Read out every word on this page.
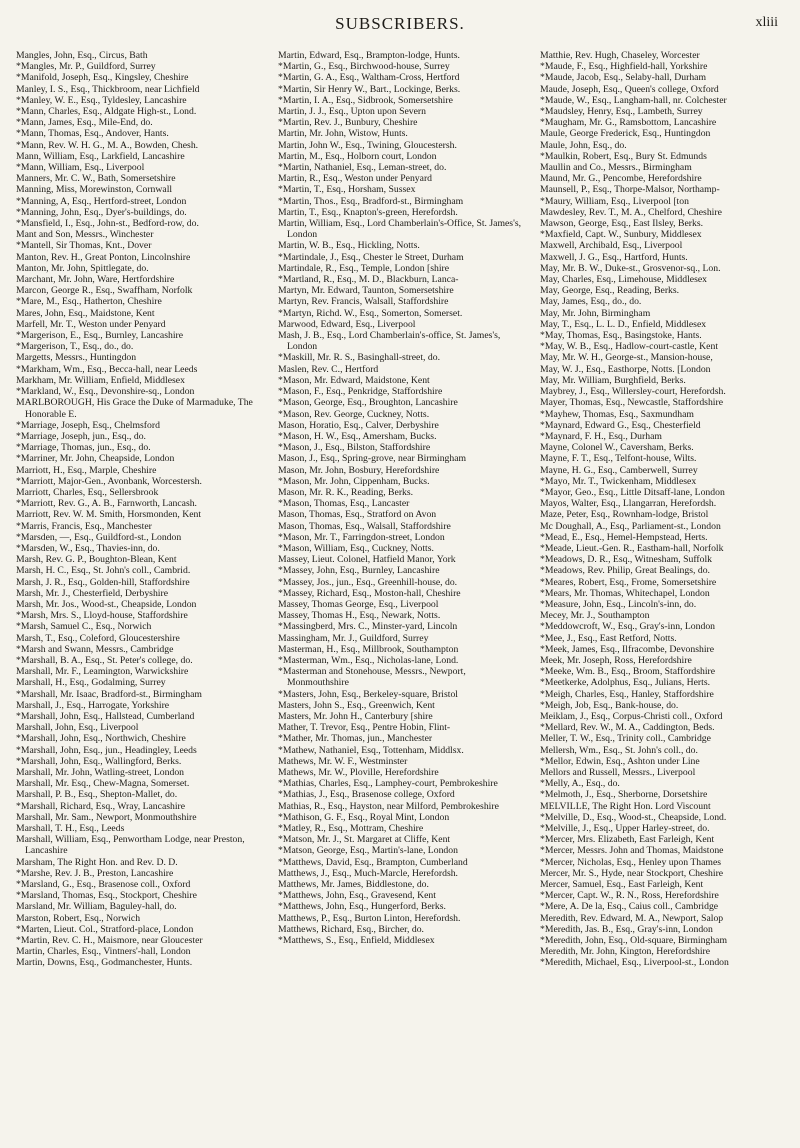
SUBSCRIBERS.	xliii
Mangles, John, Esq., Circus, Bath
*Mangles, Mr. P., Guildford, Surrey
*Manifold, Joseph, Esq., Kingsley, Cheshire
Manley, I. S., Esq., Thickbroom, near Lichfield
*Manley, W. E., Esq., Tyldesley, Lancashire
*Mann, Charles, Esq., Aldgate High-st., Lond.
*Mann, James, Esq., Mile-End, do.
*Mann, Thomas, Esq., Andover, Hants.
*Mann, Rev. W. H. G., M. A., Bowden, Chesh.
Mann, William, Esq., Larkfield, Lancashire
*Mann, William, Esq., Liverpool
Manners, Mr. C. W., Bath, Somersetshire
Manning, Miss, Morewinston, Cornwall
*Manning, A, Esq., Hertford-street, London
*Manning, John, Esq., Dyer's-buildings, do.
*Mansfield, I., Esq., John-st., Bedford-row, do.
Mant and Son, Messrs., Winchester
*Mantell, Sir Thomas, Knt., Dover
Manton, Rev. H., Great Ponton, Lincolnshire
Manton, Mr. John, Spittlegate, do.
Marchant, Mr. John, Ware, Hertfordshire
Marcon, George R., Esq., Swaffham, Norfolk
*Mare, M., Esq., Hatherton, Cheshire
Mares, John, Esq., Maidstone, Kent
Marfell, Mr. T., Weston under Penyard
*Margerison, E., Esq., Burnley, Lancashire
*Margerison, T., Esq., do., do.
Margetts, Messrs., Huntingdon
*Markham, Wm., Esq., Becca-hall, near Leeds
Markham, Mr. William, Enfield, Middlesex
*Markland, W., Esq., Devonshire-sq., London
MARLBOROUGH, His Grace the Duke of Marmaduke, The Honorable E.
*Marriage, Joseph, Esq., Chelmsford
*Marriage, Joseph, jun., Esq., do.
*Marriage, Thomas, jun., Esq., do.
*Marriner, Mr. John, Cheapside, London
Marriott, H., Esq., Marple, Cheshire
*Marriott, Major-Gen., Avonbank, Worcestersh.
Marriott, Charles, Esq., Sellersbrook
*Marriott, Rev. G., A. B., Farnworth, Lancash.
Marriott, Rev. W. M. Smith, Horsmonden, Kent
*Marris, Francis, Esq., Manchester
*Marsden, —, Esq., Guildford-st., London
*Marsden, W., Esq., Thavies-inn, do.
Marsh, Rev. G. P., Boughton-Blean, Kent
Marsh, H. C., Esq., St. John's coll., Cambrid.
Marsh, J. R., Esq., Golden-hill, Staffordshire
Marsh, Mr. J., Chesterfield, Derbyshire
Marsh, Mr. Jos., Wood-st., Cheapside, London
*Marsh, Mrs. S., Lloyd-house, Staffordshire
*Marsh, Samuel C., Esq., Norwich
Marsh, T., Esq., Coleford, Gloucestershire
*Marsh and Swann, Messrs., Cambridge
*Marshall, B. A., Esq., St. Peter's college, do.
Marshall, Mr. F., Leamington, Warwickshire
Marshall, H., Esq., Godalming, Surrey
*Marshall, Mr. Isaac, Bradford-st., Birmingham
Marshall, J., Esq., Harrogate, Yorkshire
*Marshall, John, Esq., Hallstead, Cumberland
Marshall, John, Esq., Liverpool
*Marshall, John, Esq., Northwich, Cheshire
*Marshall, John, Esq., jun., Headingley, Leeds
*Marshall, John, Esq., Wallingford, Berks.
Marshall, Mr. John, Watling-street, London
Marshall, Mr. Esq., Chew-Magna, Somerset.
Marshall, P. B., Esq., Shepton-Mallet, do.
*Marshall, Richard, Esq., Wray, Lancashire
Marshall, Mr. Sam., Newport, Monmouthshire
Marshall, T. H., Esq., Leeds
Marshall, William, Esq., Penwortham Lodge, near Preston, Lancashire
Marsham, The Right Hon. and Rev. D. D.
*Marshe, Rev. J. B., Preston, Lancashire
*Marsland, G., Esq., Brasenose coll., Oxford
*Marsland, Thomas, Esq., Stockport, Cheshire
Marsland, Mr. William, Baguley-hall, do.
Marston, Robert, Esq., Norwich
*Marten, Lieut. Col., Stratford-place, London
*Martin, Rev. C. H., Maismore, near Gloucester
Martin, Charles, Esq., Vintners'-hall, London
Martin, Downs, Esq., Godmanchester, Hunts.
Martin, Edward, Esq., Brampton-lodge, Hunts.
*Martin, G., Esq., Birchwood-house, Surrey
*Martin, G. A., Esq., Waltham-Cross, Hertford
*Martin, Sir Henry W., Bart., Lockinge, Berks.
*Martin, I. A., Esq., Sidbrook, Somersetshire
Martin, J. J., Esq., Upton upon Severn
*Martin, Rev. J., Bunbury, Cheshire
Martin, Mr. John, Wistow, Hunts.
Martin, John W., Esq., Twining, Gloucestersh.
Martin, M., Esq., Holborn court, London
*Martin, Nathaniel, Esq., Leman-street, do.
Martin, R., Esq., Weston under Penyard
*Martin, T., Esq., Horsham, Sussex
*Martin, Thos., Esq., Bradford-st., Birmingham
Martin, T., Esq., Knapton's-green, Herefordsh.
Martin, William, Esq., Lord Chamberlain's-Office, St. James's, London
Martin, W. B., Esq., Hickling, Notts.
*Martindale, J., Esq., Chester le Street, Durham
Martindale, R., Esq., Temple, London [shire
*Martland, R., Esq., M. D., Blackburn, Lanca-
Martyn, Mr. Edward, Taunton, Somersetshire
Martyn, Rev. Francis, Walsall, Staffordshire
*Martyn, Richd. W., Esq., Somerton, Somerset.
Marwood, Edward, Esq., Liverpool
Mash, J. B., Esq., Lord Chamberlain's-office, St. James's, London
*Maskill, Mr. R. S., Basinghall-street, do.
Maslen, Rev. C., Hertford
*Mason, Mr. Edward, Maidstone, Kent
*Mason, F., Esq., Penkridge, Staffordshire
*Mason, George, Esq., Broughton, Lancashire
*Mason, Rev. George, Cuckney, Notts.
Mason, Horatio, Esq., Calver, Derbyshire
*Mason, H. W., Esq., Amersham, Bucks.
*Mason, J., Esq., Bilston, Staffordshire
Mason, J., Esq., Spring-grove, near Birmingham
Mason, Mr. John, Bosbury, Herefordshire
*Mason, Mr. John, Cippenham, Bucks.
Mason, Mr. R. K., Reading, Berks.
*Mason, Thomas, Esq., Lancaster
Mason, Thomas, Esq., Stratford on Avon
Mason, Thomas, Esq., Walsall, Staffordshire
*Mason, Mr. T., Farringdon-street, London
*Mason, William, Esq., Cuckney, Notts.
Massey, Lieut. Colonel, Hatfield Manor, York
*Massey, John, Esq., Burnley, Lancashire
*Massey, Jos., jun., Esq., Greenhill-house, do.
*Massey, Richard, Esq., Moston-hall, Cheshire
Massey, Thomas George, Esq., Liverpool
Massey, Thomas H., Esq., Newark, Notts.
*Massingberd, Mrs. C., Minster-yard, Lincoln
Massingham, Mr. J., Guildford, Surrey
Masterman, H., Esq., Millbrook, Southampton
*Masterman, Wm., Esq., Nicholas-lane, Lond.
*Masterman and Stonehouse, Messrs., Newport, Monmouthshire
*Masters, John, Esq., Berkeley-square, Bristol
Masters, John S., Esq., Greenwich, Kent
Masters, Mr. John H., Canterbury [shire
Mather, T. Trevor, Esq., Pentre Hobin, Flint-
*Mather, Mr. Thomas, jun., Manchester
*Mathew, Nathaniel, Esq., Tottenham, Middlsx.
Mathews, Mr. W. F., Westminster
Mathews, Mr. W., Ploville, Herefordshire
*Mathias, Charles, Esq., Lamphey-court, Pembrokeshire
*Mathias, J., Esq., Brasenose college, Oxford
Mathias, R., Esq., Hayston, near Milford, Pembrokeshire
*Mathison, G. F., Esq., Royal Mint, London
*Matley, R., Esq., Mottram, Cheshire
*Matson, Mr. J., St. Margaret at Cliffe, Kent
*Matson, George, Esq., Martin's-lane, London
*Matthews, David, Esq., Brampton, Cumberland
Matthews, J., Esq., Much-Marcle, Herefordsh.
Matthews, Mr. James, Biddlestone, do.
*Matthews, John, Esq., Gravesend, Kent
*Matthews, John, Esq., Hungerford, Berks.
Matthews, P., Esq., Burton Linton, Herefordsh.
Matthews, Richard, Esq., Bircher, do.
*Matthews, S., Esq., Enfield, Middlesex
Matthie, Rev. Hugh, Chaseley, Worcester
*Maude, F., Esq., Highfield-hall, Yorkshire
*Maude, Jacob, Esq., Selaby-hall, Durham
Maude, Joseph, Esq., Queen's college, Oxford
*Maude, W., Esq., Langham-hall, nr. Colchester
*Maudsley, Henry, Esq., Lambeth, Surrey
*Maugham, Mr. G., Ramsbottom, Lancashire
Maule, George Frederick, Esq., Huntingdon
Maule, John, Esq., do.
*Maulkin, Robert, Esq., Bury St. Edmunds
Maullin and Co., Messrs., Birmingham
Maund, Mr. G., Pencombe, Herefordshire
Maunsell, P., Esq., Thorpe-Malsor, Northamp-
*Maury, William, Esq., Liverpool [ton
Mawdesley, Rev. T., M. A., Chelford, Cheshire
Mawson, George, Esq., East Ilsley, Berks.
*Maxfield, Capt. W., Sunbury, Middlesex
Maxwell, Archibald, Esq., Liverpool
Maxwell, J. G., Esq., Hartford, Hunts.
May, Mr. B. W., Duke-st., Grosvenor-sq., Lon.
May, Charles, Esq., Limehouse, Middlesex
May, George, Esq., Reading, Berks.
May, James, Esq., do., do.
May, Mr. John, Birmingham
May, T., Esq., L. L. D., Enfield, Middlesex
*May, Thomas, Esq., Basingstoke, Hants.
*May, W. B., Esq., Hadlow-court-castle, Kent
May, Mr. W. H., George-st., Mansion-house,
May, W. J., Esq., Easthorpe, Notts. [London
May, Mr. William, Burghfield, Berks.
Maybrey, J., Esq., Willersley-court, Herefordsh.
Mayer, Thomas, Esq., Newcastle, Staffordshire
*Mayhew, Thomas, Esq., Saxmundham
*Maynard, Edward G., Esq., Chesterfield
*Maynard, F. H., Esq., Durham
Mayne, Colonel W., Caversham, Berks.
Mayne, F. T., Esq., Telfont-house, Wilts.
Mayne, H. G., Esq., Camberwell, Surrey
*Mayo, Mr. T., Twickenham, Middlesex
*Mayor, Geo., Esq., Little Ditsaff-lane, London
Mayos, Walter, Esq., Llangarran, Herefordsh.
Maze, Peter, Esq., Rownham-lodge, Bristol
Mc Doughall, A., Esq., Parliament-st., London
*Mead, E., Esq., Hemel-Hempstead, Herts.
*Meade, Lieut.-Gen. R., Eastham-hall, Norfolk
*Meadows, D. R., Esq., Witnesham, Suffolk
*Meadows, Rev. Philip, Great Bealings, do.
*Meares, Robert, Esq., Frome, Somersetshire
*Mears, Mr. Thomas, Whitechapel, London
*Measure, John, Esq., Lincoln's-inn, do.
Mecey, Mr. J., Southampton
*Meddowcroft, W., Esq., Gray's-inn, London
*Mee, J., Esq., East Retford, Notts.
*Meek, James, Esq., Ilfracombe, Devonshire
Meek, Mr. Joseph, Ross, Herefordshire
*Meeke, Wm. B., Esq., Broom, Staffordshire
*Meetkerke, Adolphus, Esq., Julians, Herts.
*Meigh, Charles, Esq., Hanley, Staffordshire
*Meigh, Job, Esq., Bank-house, do.
Meiklam, J., Esq., Corpus-Christi coll., Oxford
*Mellard, Rev. W., M. A., Caddington, Beds.
Meller, T. W., Esq., Trinity coll., Cambridge
Mellersh, Wm., Esq., St. John's coll., do.
*Mellor, Edwin, Esq., Ashton under Line
Mellors and Russell, Messrs., Liverpool
*Melly, A., Esq., do.
*Melmoth, J., Esq., Sherborne, Dorsetshire
MELVILLE, The Right Hon. Lord Viscount
*Melville, D., Esq., Wood-st., Cheapside, Lond.
*Melville, J., Esq., Upper Harley-street, do.
*Mercer, Mrs. Elizabeth, East Farleigh, Kent
*Mercer, Messrs. John and Thomas, Maidstone
*Mercer, Nicholas, Esq., Henley upon Thames
Mercer, Mr. S., Hyde, near Stockport, Cheshire
Mercer, Samuel, Esq., East Farleigh, Kent
*Mercer, Capt. W., R. N., Ross, Herefordshire
*Mere, A. De la, Esq., Caius coll., Cambridge
Meredith, Rev. Edward, M. A., Newport, Salop
*Meredith, Jas. B., Esq., Gray's-inn, London
*Meredith, John, Esq., Old-square, Birmingham
Meredith, Mr. John, Kington, Herefordshire
*Meredith, Michael, Esq., Liverpool-st., London
